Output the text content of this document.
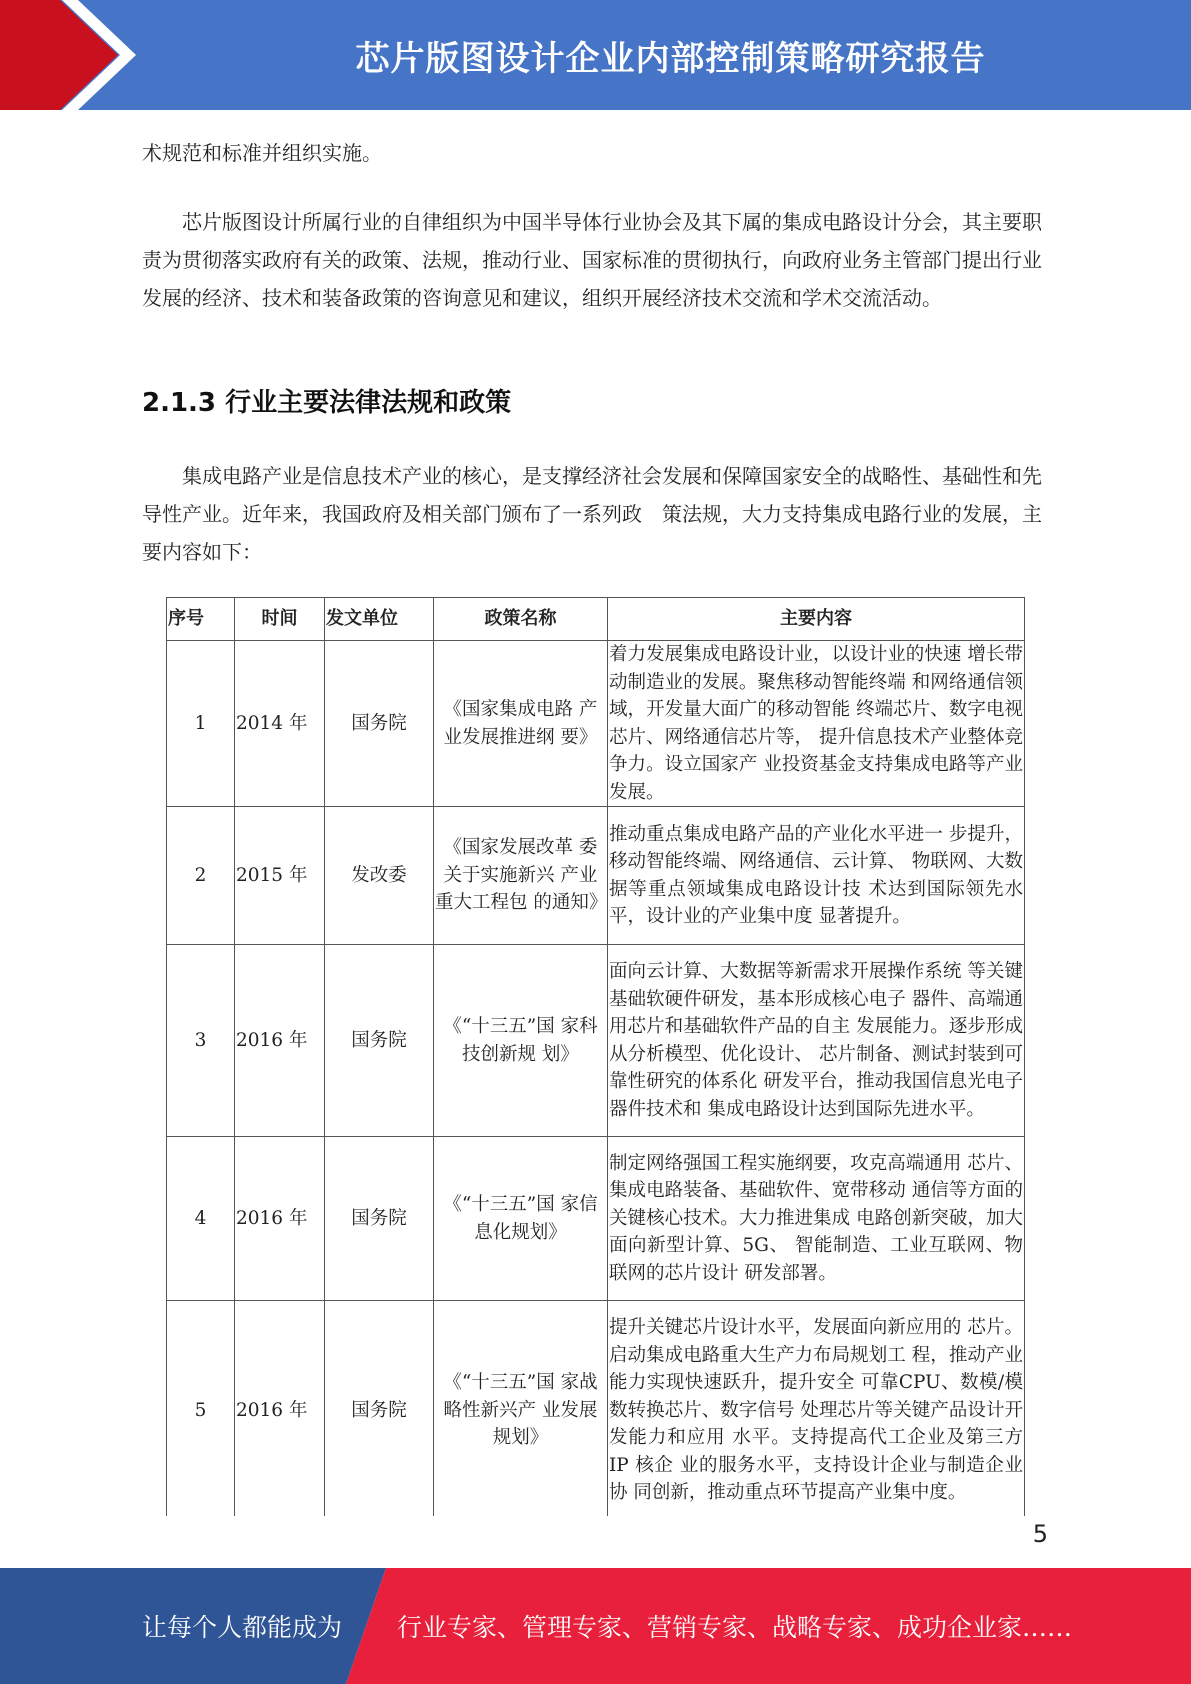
芯片版图设计企业内部控制策略研究报告

术规范和标准并组织实施。

芯片版图设计所属行业的自律组织为中国半导体行业协会及其下属的集成电路设计分会，其主要职责为贯彻落实政府有关的政策、法规，推动行业、国家标准的贯彻执行，向政府业务主管部门提出行业发展的经济、技术和装备政策的咨询意见和建议，组织开展经济技术交流和学术交流活动。

2.1.3 行业主要法律法规和政策

集成电路产业是信息技术产业的核心，是支撑经济社会发展和保障国家安全的战略性、基础性和先导性产业。近年来，我国政府及相关部门颁布了一系列政　策法规，大力支持集成电路行业的发展，主要内容如下：

序号	时间	发文单位	政策名称	主要内容
1	2014 年	国务院	《国家集成电路 产业发展推进纲 要》	着力发展集成电路设计业，以设计业的快速 增长带动制造业的发展。聚焦移动智能终端 和网络通信领域，开发量大面广的移动智能 终端芯片、数字电视芯片、网络通信芯片等， 提升信息技术产业整体竞争力。设立国家产 业投资基金支持集成电路等产业发展。
2	2015 年	发改委	《国家发展改革 委关于实施新兴 产业重大工程包 的通知》	推动重点集成电路产品的产业化水平进一 步提升，移动智能终端、网络通信、云计算、 物联网、大数据等重点领域集成电路设计技 术达到国际领先水平，设计业的产业集中度 显著提升。
3	2016 年	国务院	《“十三五”国 家科技创新规 划》	面向云计算、大数据等新需求开展操作系统 等关键基础软硬件研发，基本形成核心电子 器件、高端通用芯片和基础软件产品的自主 发展能力。逐步形成从分析模型、优化设计、 芯片制备、测试封装到可靠性研究的体系化 研发平台，推动我国信息光电子器件技术和 集成电路设计达到国际先进水平。
4	2016 年	国务院	《“十三五”国 家信息化规划》	制定网络强国工程实施纲要，攻克高端通用 芯片、集成电路装备、基础软件、宽带移动 通信等方面的关键核心技术。大力推进集成 电路创新突破，加大面向新型计算、5G、 智能制造、工业互联网、物联网的芯片设计 研发部署。
5	2016 年	国务院	《“十三五”国 家战略性新兴产 业发展规划》	提升关键芯片设计水平，发展面向新应用的 芯片。启动集成电路重大生产力布局规划工 程，推动产业能力实现快速跃升，提升安全 可靠CPU、数模/模数转换芯片、数字信号 处理芯片等关键产品设计开发能力和应用 水平。支持提高代工企业及第三方 IP 核企 业的服务水平，支持设计企业与制造企业协 同创新，推动重点环节提高产业集中度。
5
让每个人都能成为 行业专家、管理专家、营销专家、战略专家、成功企业家……
